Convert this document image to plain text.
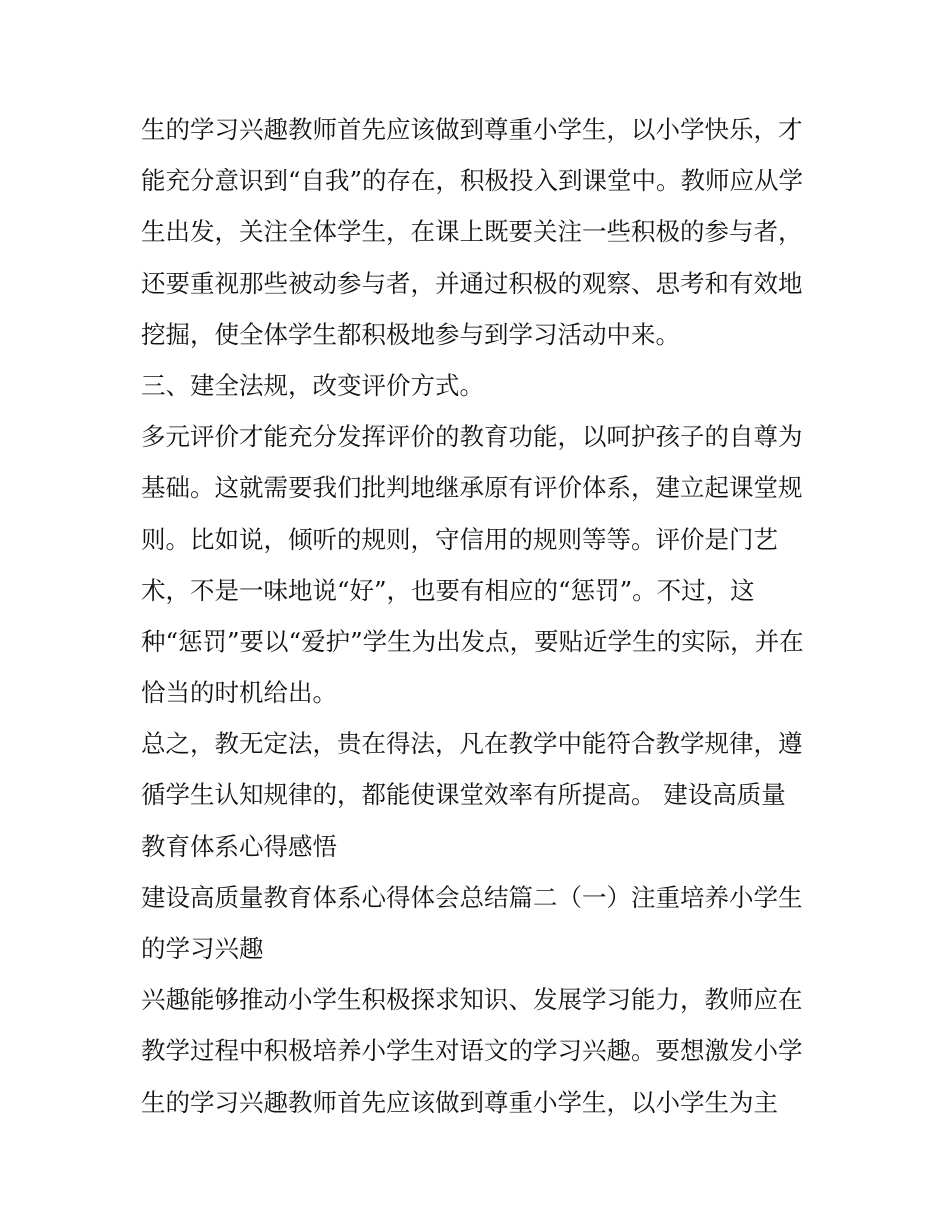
生的学习兴趣教师首先应该做到尊重小学生，以小学快乐，才
能充分意识到“自我”的存在，积极投入到课堂中。教师应从学
生出发，关注全体学生，在课上既要关注一些积极的参与者，
还要重视那些被动参与者，并通过积极的观察、思考和有效地
挖掘，使全体学生都积极地参与到学习活动中来。
三、建全法规，改变评价方式。
多元评价才能充分发挥评价的教育功能，以呵护孩子的自尊为
基础。这就需要我们批判地继承原有评价体系，建立起课堂规
则。比如说，倾听的规则，守信用的规则等等。评价是门艺
术，不是一味地说“好”，也要有相应的“惩罚”。不过，这
种“惩罚”要以“爱护”学生为出发点，要贴近学生的实际，并在
恰当的时机给出。
总之，教无定法，贵在得法，凡在教学中能符合教学规律，遵
循学生认知规律的，都能使课堂效率有所提高。 建设高质量
教育体系心得感悟
建设高质量教育体系心得体会总结篇二（一）注重培养小学生
的学习兴趣
兴趣能够推动小学生积极探求知识、发展学习能力，教师应在
教学过程中积极培养小学生对语文的学习兴趣。要想激发小学
生的学习兴趣教师首先应该做到尊重小学生，以小学生为主
